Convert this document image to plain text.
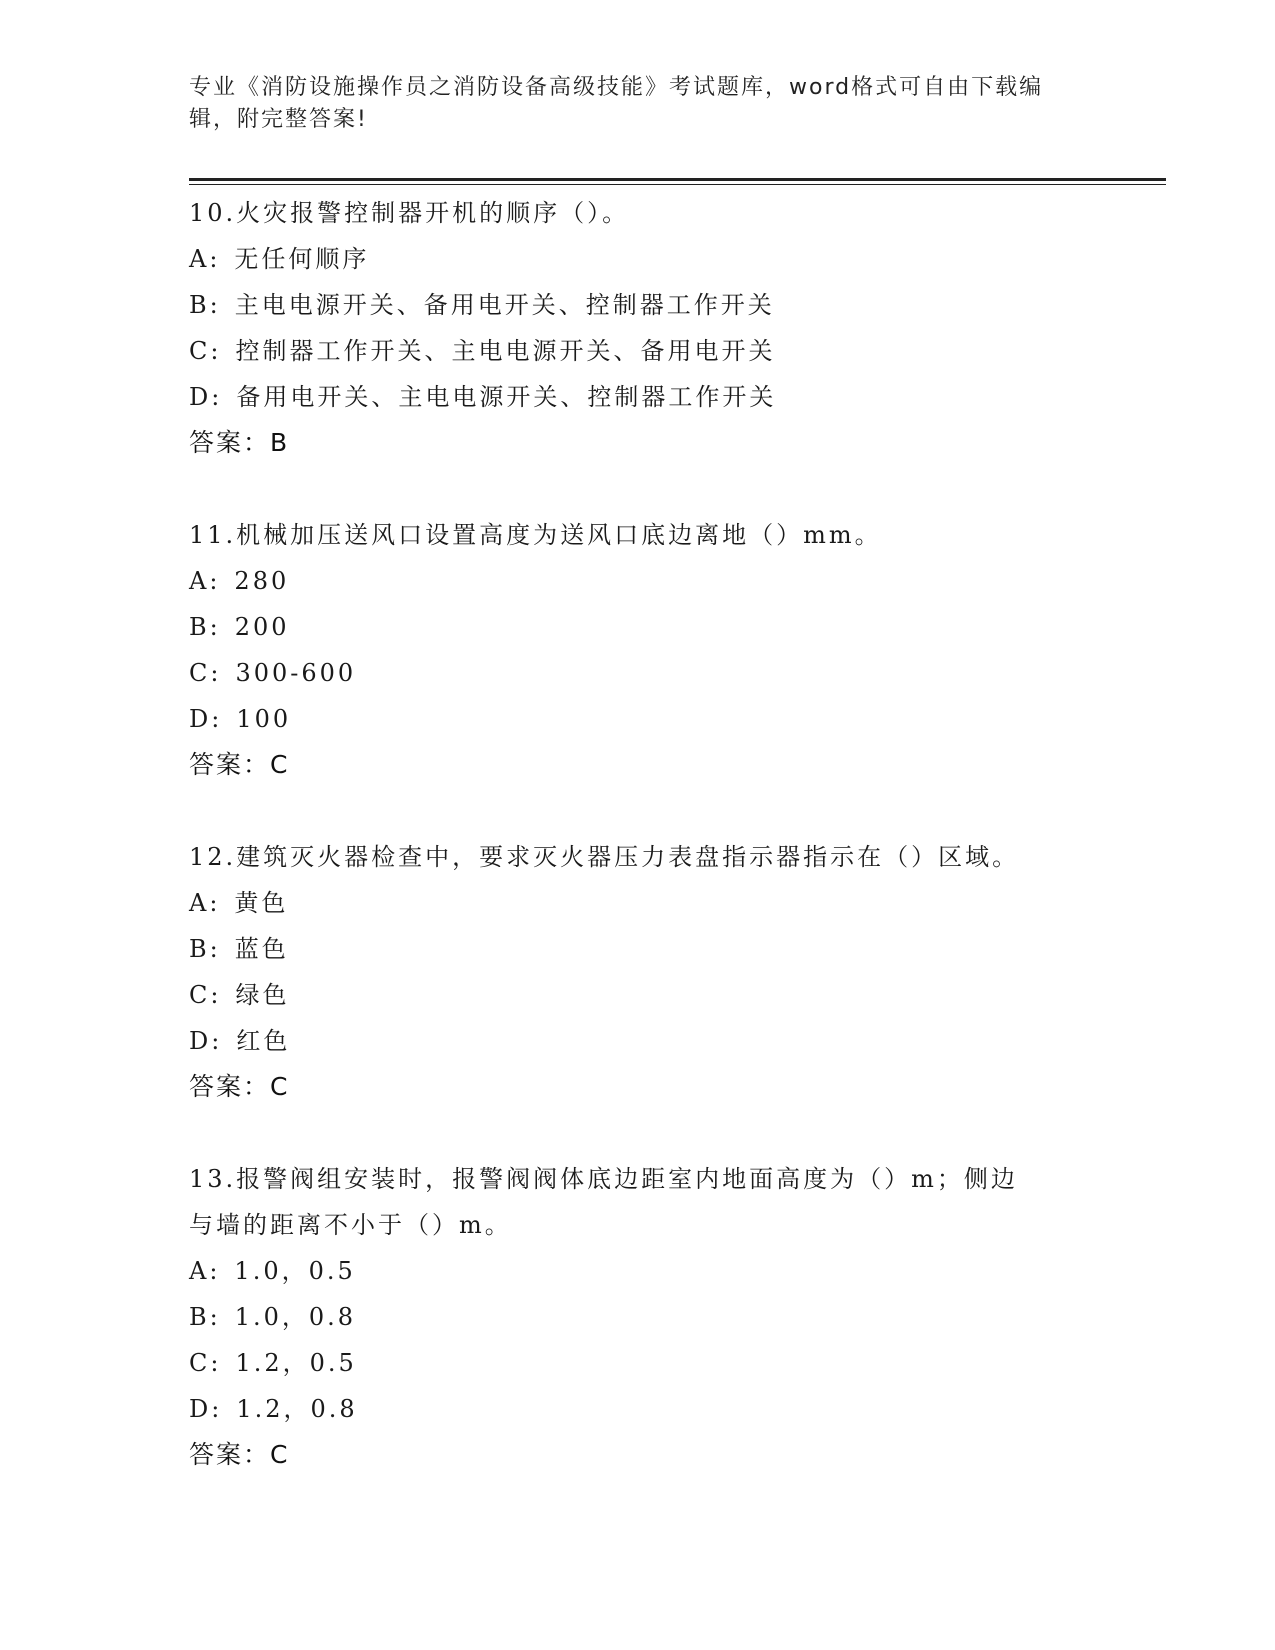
专业《消防设施操作员之消防设备高级技能》考试题库，word格式可自由下载编
辑，附完整答案!
10.火灾报警控制器开机的顺序（）。
A: 无任何顺序
B: 主电电源开关、备用电开关、控制器工作开关
C: 控制器工作开关、主电电源开关、备用电开关
D: 备用电开关、主电电源开关、控制器工作开关
答案：B
11.机械加压送风口设置高度为送风口底边离地（）mm。
A: 280
B: 200
C: 300-600
D: 100
答案：C
12.建筑灭火器检查中，要求灭火器压力表盘指示器指示在（）区域。
A: 黄色
B: 蓝色
C: 绿色
D: 红色
答案：C
13.报警阀组安装时，报警阀阀体底边距室内地面高度为（）m；侧边
与墙的距离不小于（）m。
A: 1.0，0.5
B: 1.0，0.8
C: 1.2，0.5
D: 1.2，0.8
答案：C
